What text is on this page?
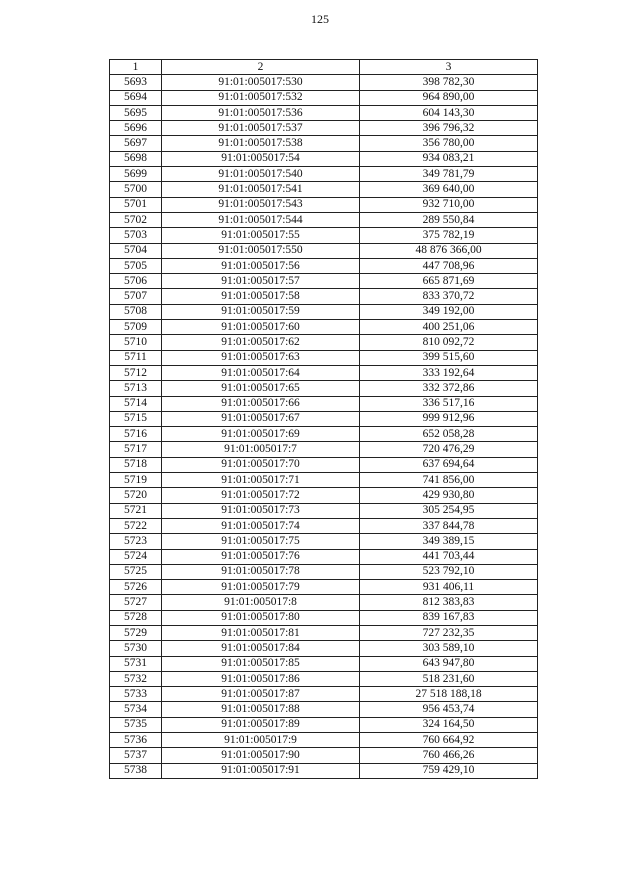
125
1	2	3
5693	91:01:005017:530	398 782,30
5694	91:01:005017:532	964 890,00
5695	91:01:005017:536	604 143,30
5696	91:01:005017:537	396 796,32
5697	91:01:005017:538	356 780,00
5698	91:01:005017:54	934 083,21
5699	91:01:005017:540	349 781,79
5700	91:01:005017:541	369 640,00
5701	91:01:005017:543	932 710,00
5702	91:01:005017:544	289 550,84
5703	91:01:005017:55	375 782,19
5704	91:01:005017:550	48 876 366,00
5705	91:01:005017:56	447 708,96
5706	91:01:005017:57	665 871,69
5707	91:01:005017:58	833 370,72
5708	91:01:005017:59	349 192,00
5709	91:01:005017:60	400 251,06
5710	91:01:005017:62	810 092,72
5711	91:01:005017:63	399 515,60
5712	91:01:005017:64	333 192,64
5713	91:01:005017:65	332 372,86
5714	91:01:005017:66	336 517,16
5715	91:01:005017:67	999 912,96
5716	91:01:005017:69	652 058,28
5717	91:01:005017:7	720 476,29
5718	91:01:005017:70	637 694,64
5719	91:01:005017:71	741 856,00
5720	91:01:005017:72	429 930,80
5721	91:01:005017:73	305 254,95
5722	91:01:005017:74	337 844,78
5723	91:01:005017:75	349 389,15
5724	91:01:005017:76	441 703,44
5725	91:01:005017:78	523 792,10
5726	91:01:005017:79	931 406,11
5727	91:01:005017:8	812 383,83
5728	91:01:005017:80	839 167,83
5729	91:01:005017:81	727 232,35
5730	91:01:005017:84	303 589,10
5731	91:01:005017:85	643 947,80
5732	91:01:005017:86	518 231,60
5733	91:01:005017:87	27 518 188,18
5734	91:01:005017:88	956 453,74
5735	91:01:005017:89	324 164,50
5736	91:01:005017:9	760 664,92
5737	91:01:005017:90	760 466,26
5738	91:01:005017:91	759 429,10
